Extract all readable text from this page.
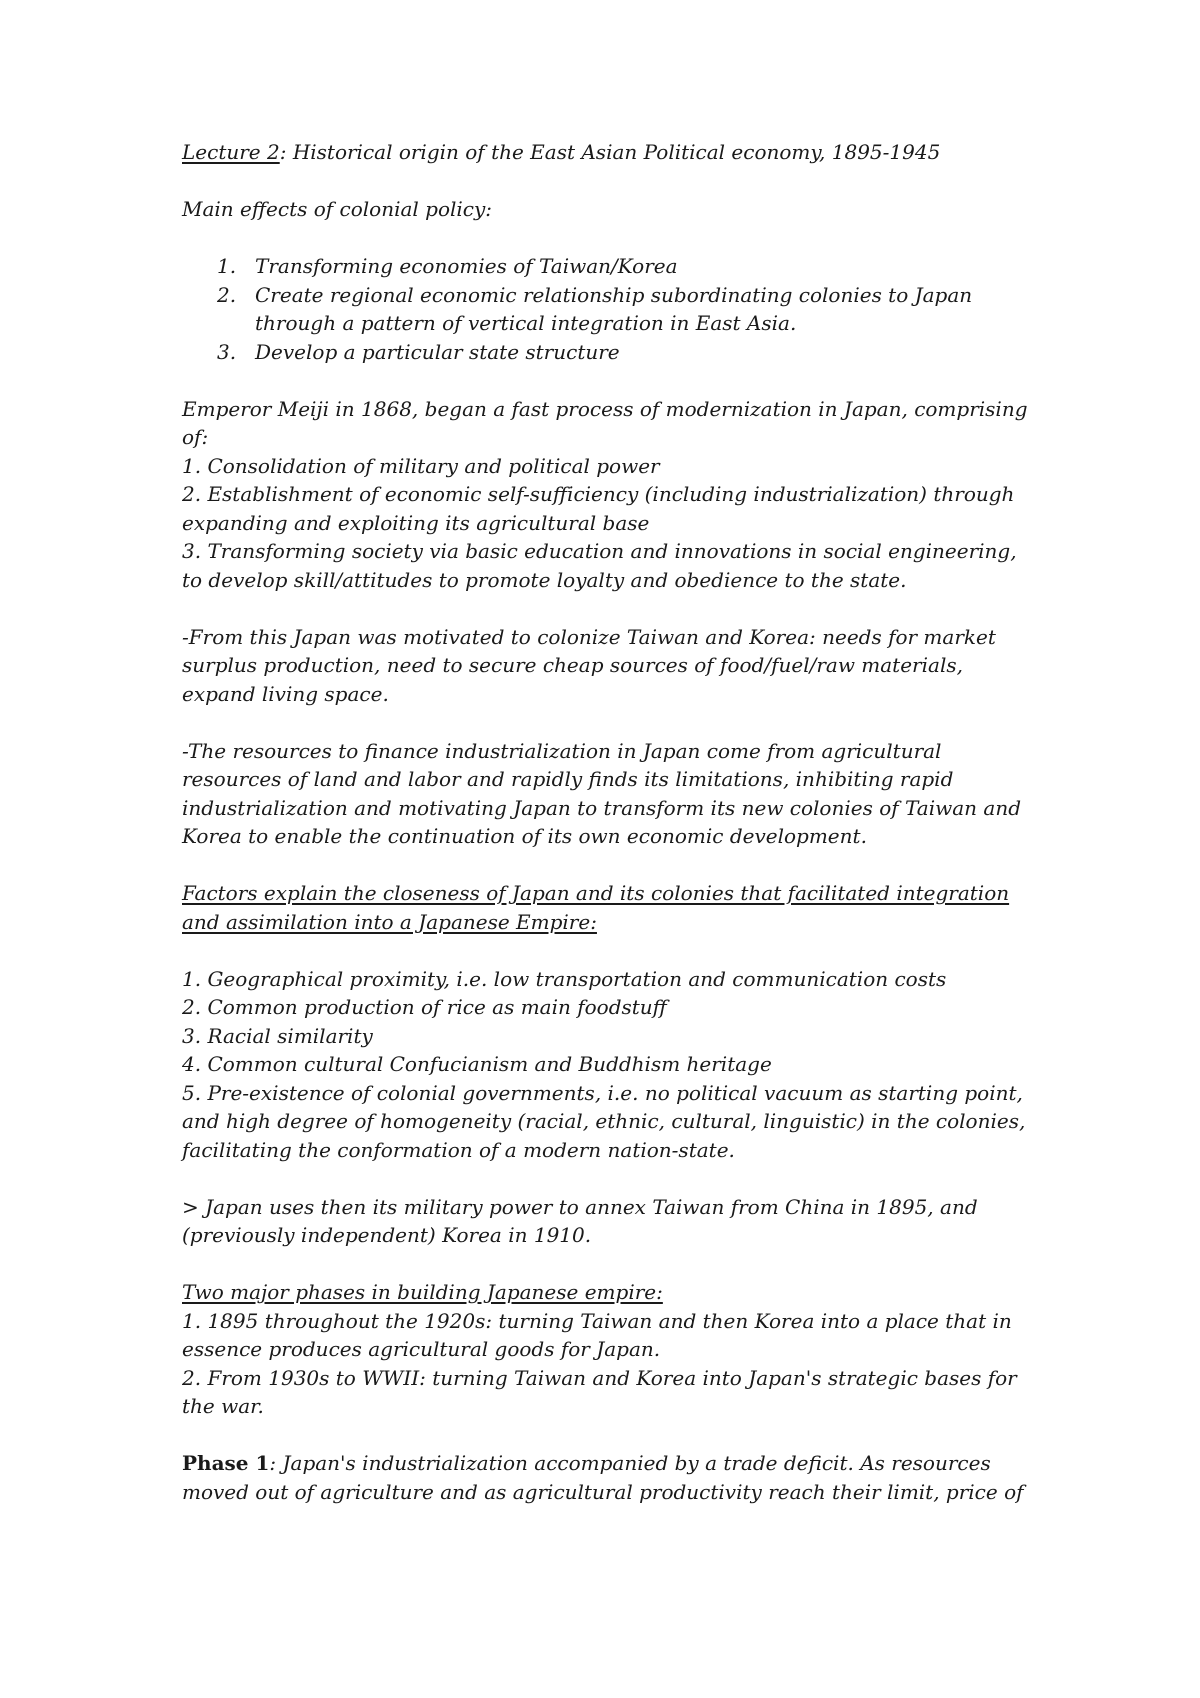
Lecture 2: Historical origin of the East Asian Political economy, 1895-1945
Main effects of colonial policy:
1. Transforming economies of Taiwan/Korea
2. Create regional economic relationship subordinating colonies to Japan
through a pattern of vertical integration in East Asia.
3. Develop a particular state structure
Emperor Meiji in 1868, began a fast process of modernization in Japan, comprising
of:
1. Consolidation of military and political power
2. Establishment of economic self-sufficiency (including industrialization) through
expanding and exploiting its agricultural base
3. Transforming society via basic education and innovations in social engineering,
to develop skill/attitudes to promote loyalty and obedience to the state.
-From this Japan was motivated to colonize Taiwan and Korea: needs for market
surplus production, need to secure cheap sources of food/fuel/raw materials,
expand living space.
-The resources to finance industrialization in Japan come from agricultural
resources of land and labor and rapidly finds its limitations, inhibiting rapid
industrialization and motivating Japan to transform its new colonies of Taiwan and
Korea to enable the continuation of its own economic development.
Factors explain the closeness of Japan and its colonies that facilitated integration
and assimilation into a Japanese Empire:
1. Geographical proximity, i.e. low transportation and communication costs
2. Common production of rice as main foodstuff
3. Racial similarity
4. Common cultural Confucianism and Buddhism heritage
5. Pre-existence of colonial governments, i.e. no political vacuum as starting point,
and high degree of homogeneity (racial, ethnic, cultural, linguistic) in the colonies,
facilitating the conformation of a modern nation-state.
> Japan uses then its military power to annex Taiwan from China in 1895, and
(previously independent) Korea in 1910.
Two major phases in building Japanese empire:
1. 1895 throughout the 1920s: turning Taiwan and then Korea into a place that in
essence produces agricultural goods for Japan.
2. From 1930s to WWII: turning Taiwan and Korea into Japan's strategic bases for
the war.
Phase 1: Japan's industrialization accompanied by a trade deficit. As resources
moved out of agriculture and as agricultural productivity reach their limit, price of
